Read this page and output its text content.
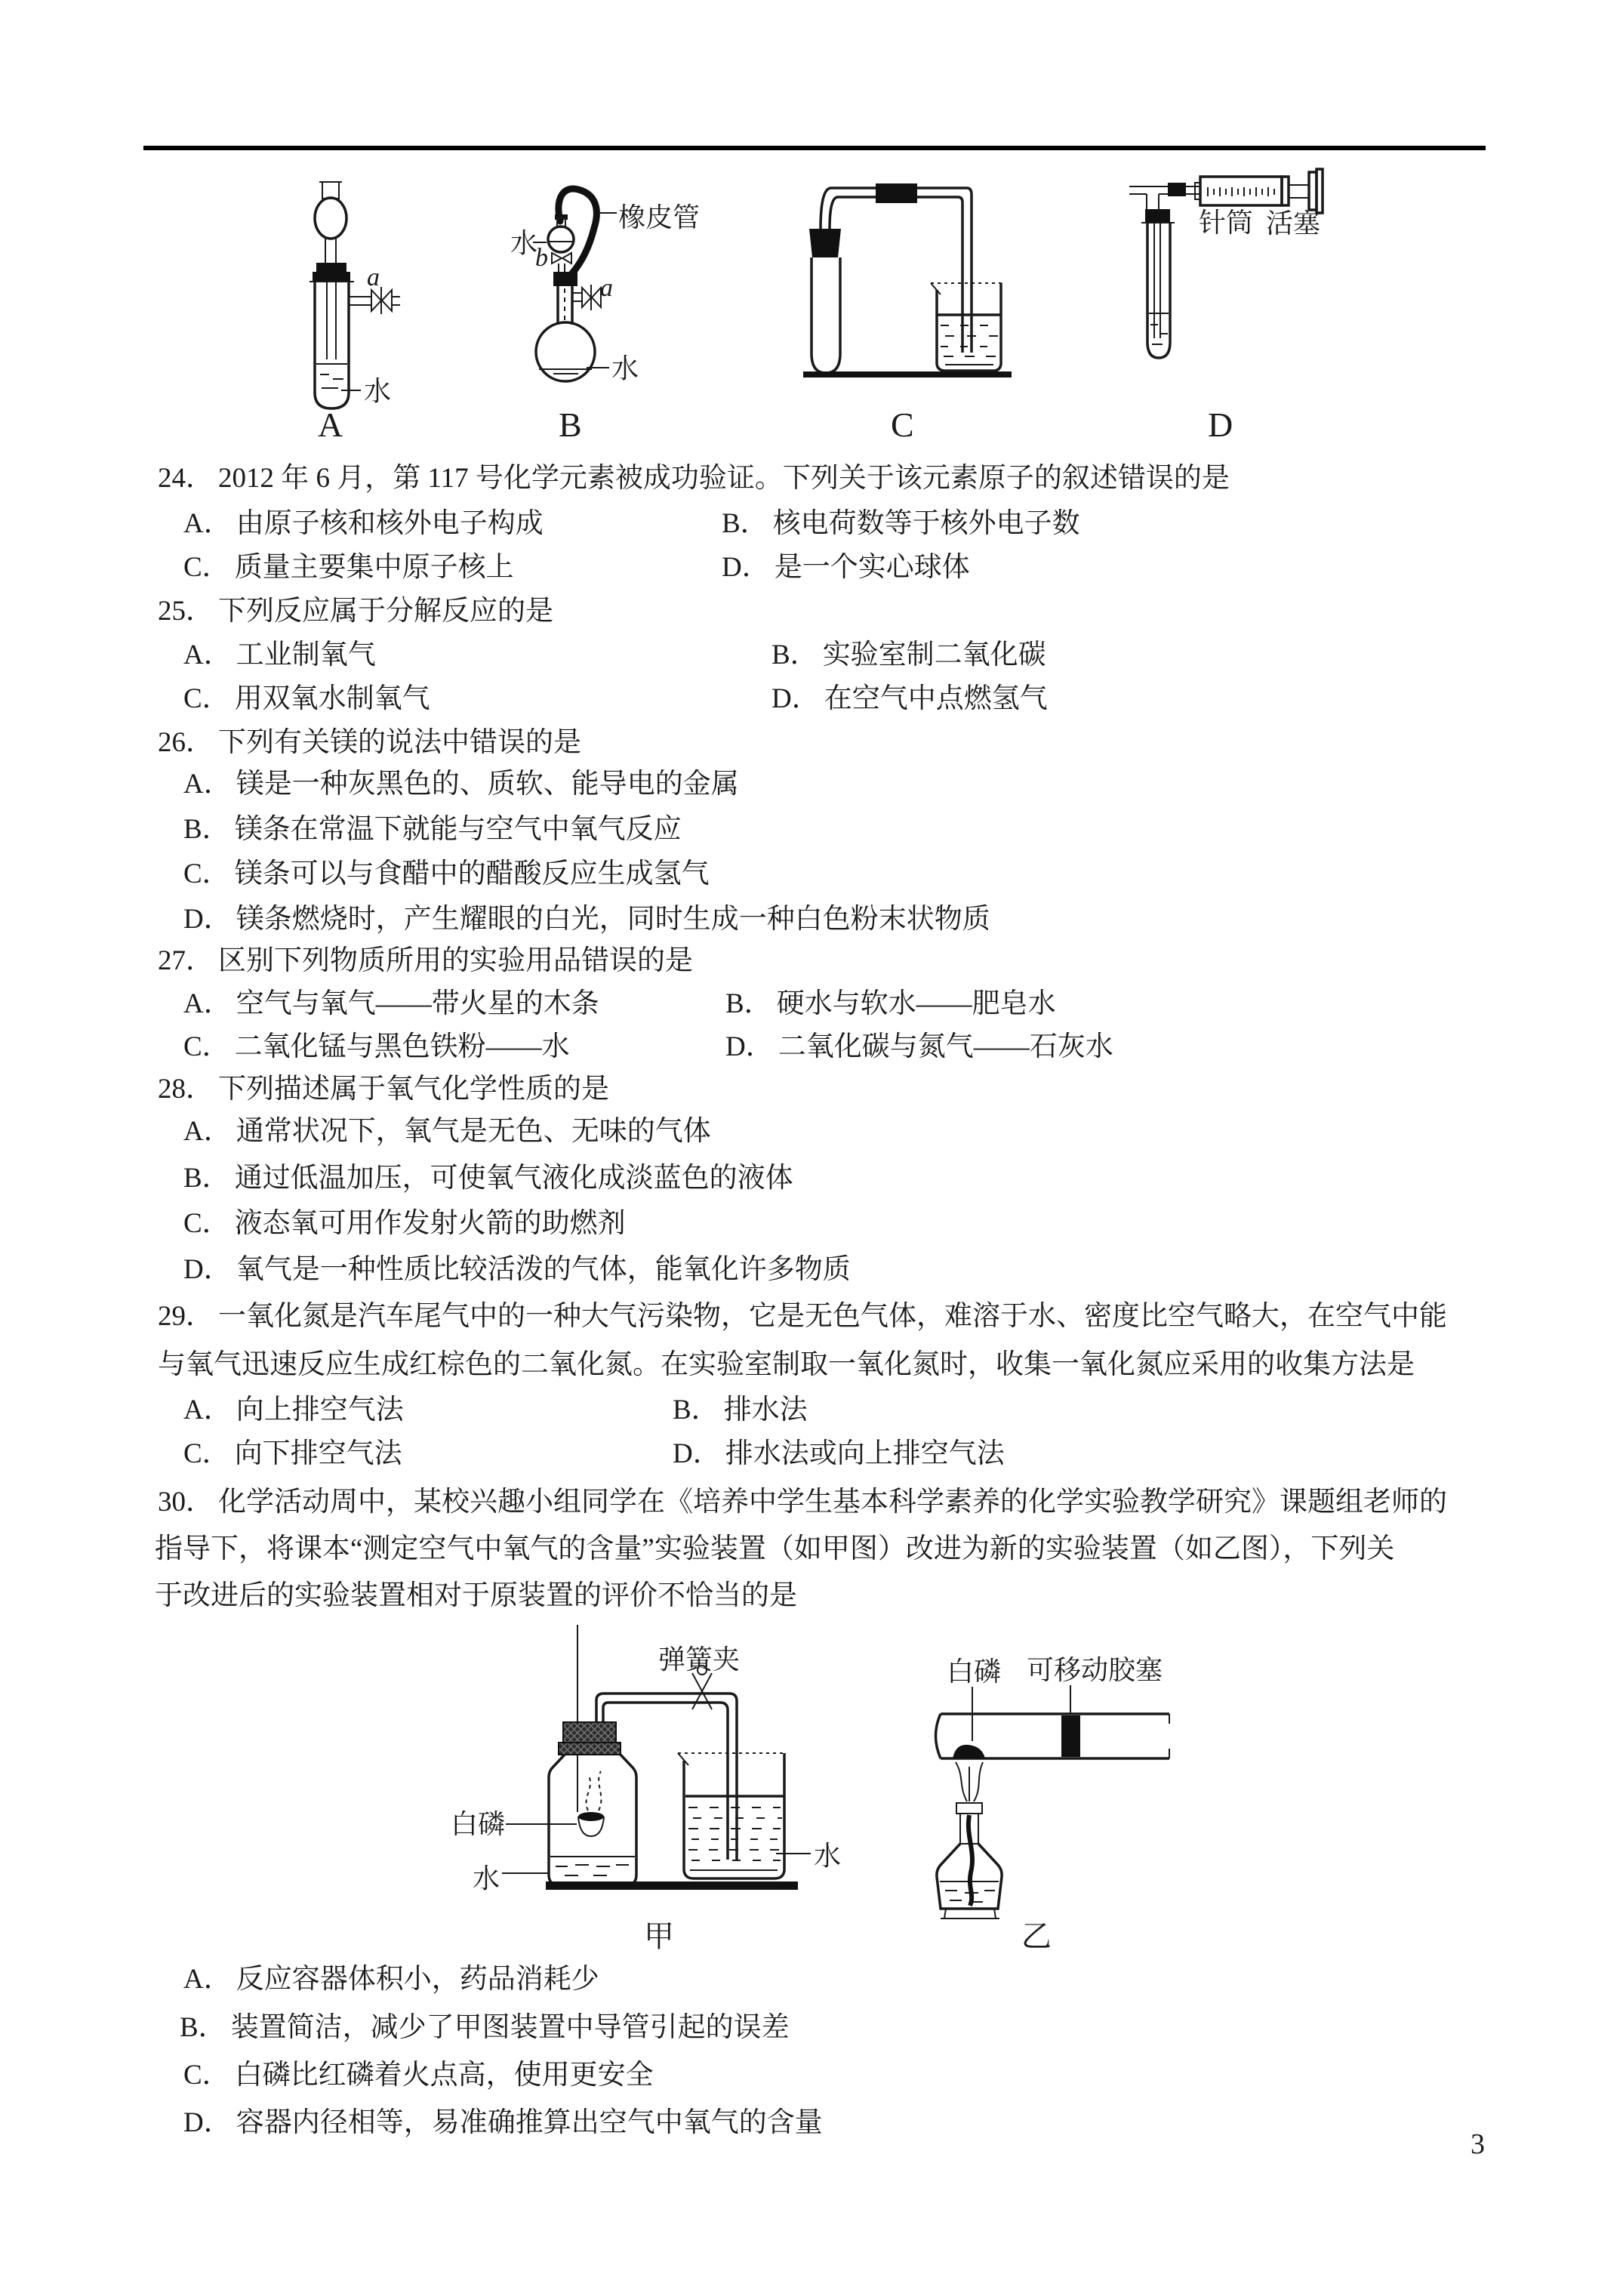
a
水
A
橡皮管
水
b
a
水
B	C
针筒 活塞
D
24． 2012 年 6 月，第 117 号化学元素被成功验证。下列关于该元素原子的叙述错误的是
A． 由原子核和核外电子构成	B． 核电荷数等于核外电子数
C． 质量主要集中原子核上	D． 是一个实心球体
25． 下列反应属于分解反应的是
A． 工业制氧气	B． 实验室制二氧化碳
C． 用双氧水制氧气	D． 在空气中点燃氢气
26． 下列有关镁的说法中错误的是
A． 镁是一种灰黑色的、质软、能导电的金属
B． 镁条在常温下就能与空气中氧气反应
C． 镁条可以与食醋中的醋酸反应生成氢气
D． 镁条燃烧时，产生耀眼的白光，同时生成一种白色粉末状物质
27． 区别下列物质所用的实验用品错误的是
A． 空气与氧气——带火星的木条	B． 硬水与软水——肥皂水
C． 二氧化锰与黑色铁粉——水	D． 二氧化碳与氮气——石灰水
28． 下列描述属于氧气化学性质的是
A． 通常状况下，氧气是无色、无味的气体
B． 通过低温加压，可使氧气液化成淡蓝色的液体
C． 液态氧可用作发射火箭的助燃剂
D． 氧气是一种性质比较活泼的气体，能氧化许多物质
29． 一氧化氮是汽车尾气中的一种大气污染物，它是无色气体，难溶于水、密度比空气略大，在空气中能
与氧气迅速反应生成红棕色的二氧化氮。在实验室制取一氧化氮时，收集一氧化氮应采用的收集方法是
A． 向上排空气法	B． 排水法
C． 向下排空气法	D． 排水法或向上排空气法
30． 化学活动周中，某校兴趣小组同学在《培养中学生基本科学素养的化学实验教学研究》课题组老师的
指导下，将课本“测定空气中氧气的含量”实验装置（如甲图）改进为新的实验装置（如乙图），下列关
于改进后的实验装置相对于原装置的评价不恰当的是
弹簧夹
白磷
水
水
甲
白磷 可移动胶塞
乙
A． 反应容器体积小，药品消耗少
B． 装置简洁，减少了甲图装置中导管引起的误差
C． 白磷比红磷着火点高，使用更安全
D． 容器内径相等，易准确推算出空气中氧气的含量
3
